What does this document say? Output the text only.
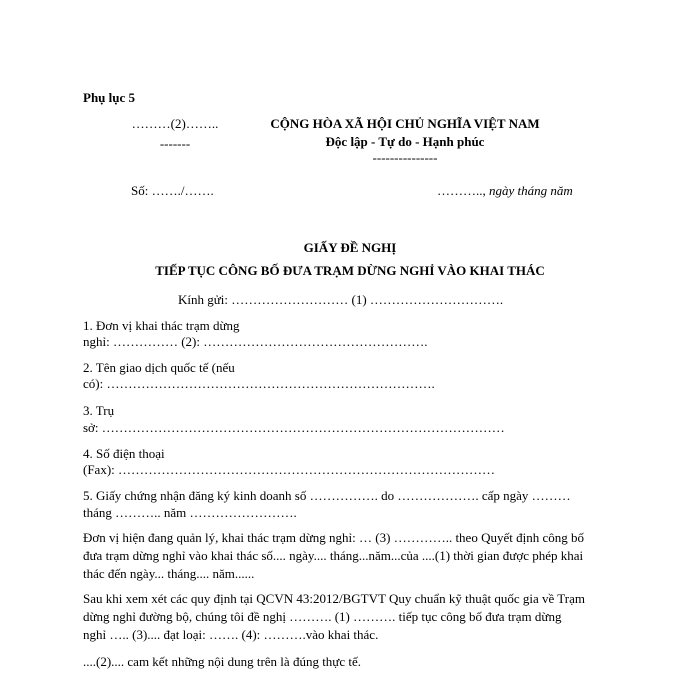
Phụ lục 5
………(2)……..
-------
CỘNG HÒA XÃ HỘI CHỦ NGHĨA VIỆT NAM
Độc lập - Tự do - Hạnh phúc
---------------
Số: ……./…….	……….., ngày tháng năm
GIẤY ĐỀ NGHỊ
TIẾP TỤC CÔNG BỐ ĐƯA TRẠM DỪNG NGHỈ VÀO KHAI THÁC
Kính gửi: ……………………… (1) ………………………….
1. Đơn vị khai thác trạm dừng
nghỉ: …………… (2): …………………………………………….
2. Tên giao dịch quốc tế (nếu
có): ………………………………………………………………….
3. Trụ
sở: …………………………………………………………………………………
4. Số điện thoại
(Fax): ……………………………………………………………………………
5. Giấy chứng nhận đăng ký kinh doanh số ……………. do ………………. cấp ngày ………
tháng ……….. năm …………………….
Đơn vị hiện đang quản lý, khai thác trạm dừng nghỉ: … (3) ………….. theo Quyết định công bố
đưa trạm dừng nghỉ vào khai thác số.... ngày.... tháng...năm...của ....(1) thời gian được phép khai
thác đến ngày... tháng.... năm......
Sau khi xem xét các quy định tại QCVN 43:2012/BGTVT Quy chuẩn kỹ thuật quốc gia về Trạm
dừng nghỉ đường bộ, chúng tôi đề nghị ………. (1) ………. tiếp tục công bố đưa trạm dừng
nghỉ ….. (3).... đạt loại: ……. (4): ……….vào khai thác.
....(2).... cam kết những nội dung trên là đúng thực tế.
